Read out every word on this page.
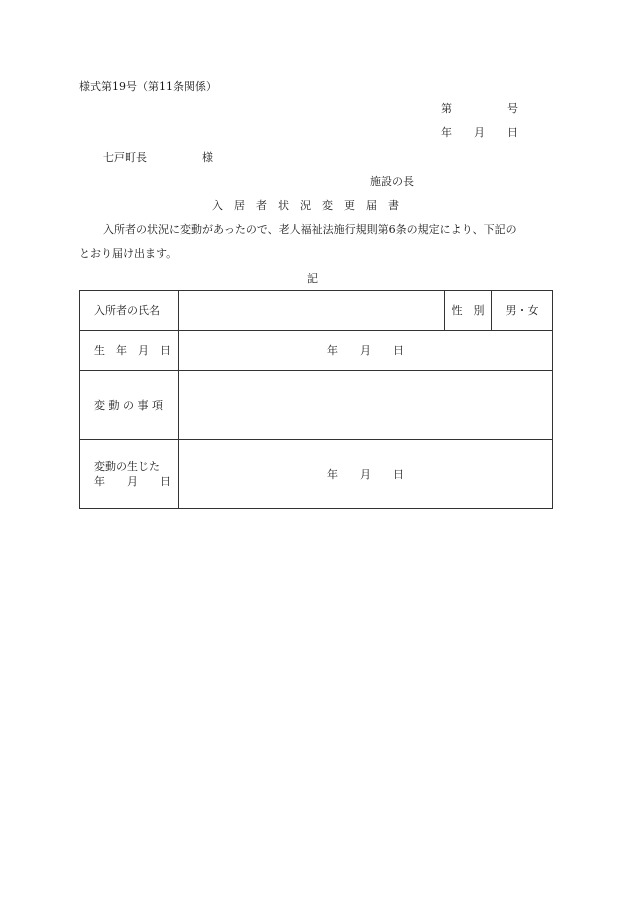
様式第19号（第11条関係）
第　　　　　号
年　　月　　日
七戸町長　　　　　様
施設の長
入　居　者　状　況　変　更　届　書
入所者の状況に変動があったので、老人福祉法施行規則第6条の規定により、下記の
とおり届け出ます。
記
入所者の氏名		性　別	男・女
生　年　月　日	年　　月　　日		
変 動 の 事 項			

変動の生じた
年　　月　　日	年　　月　　日		
